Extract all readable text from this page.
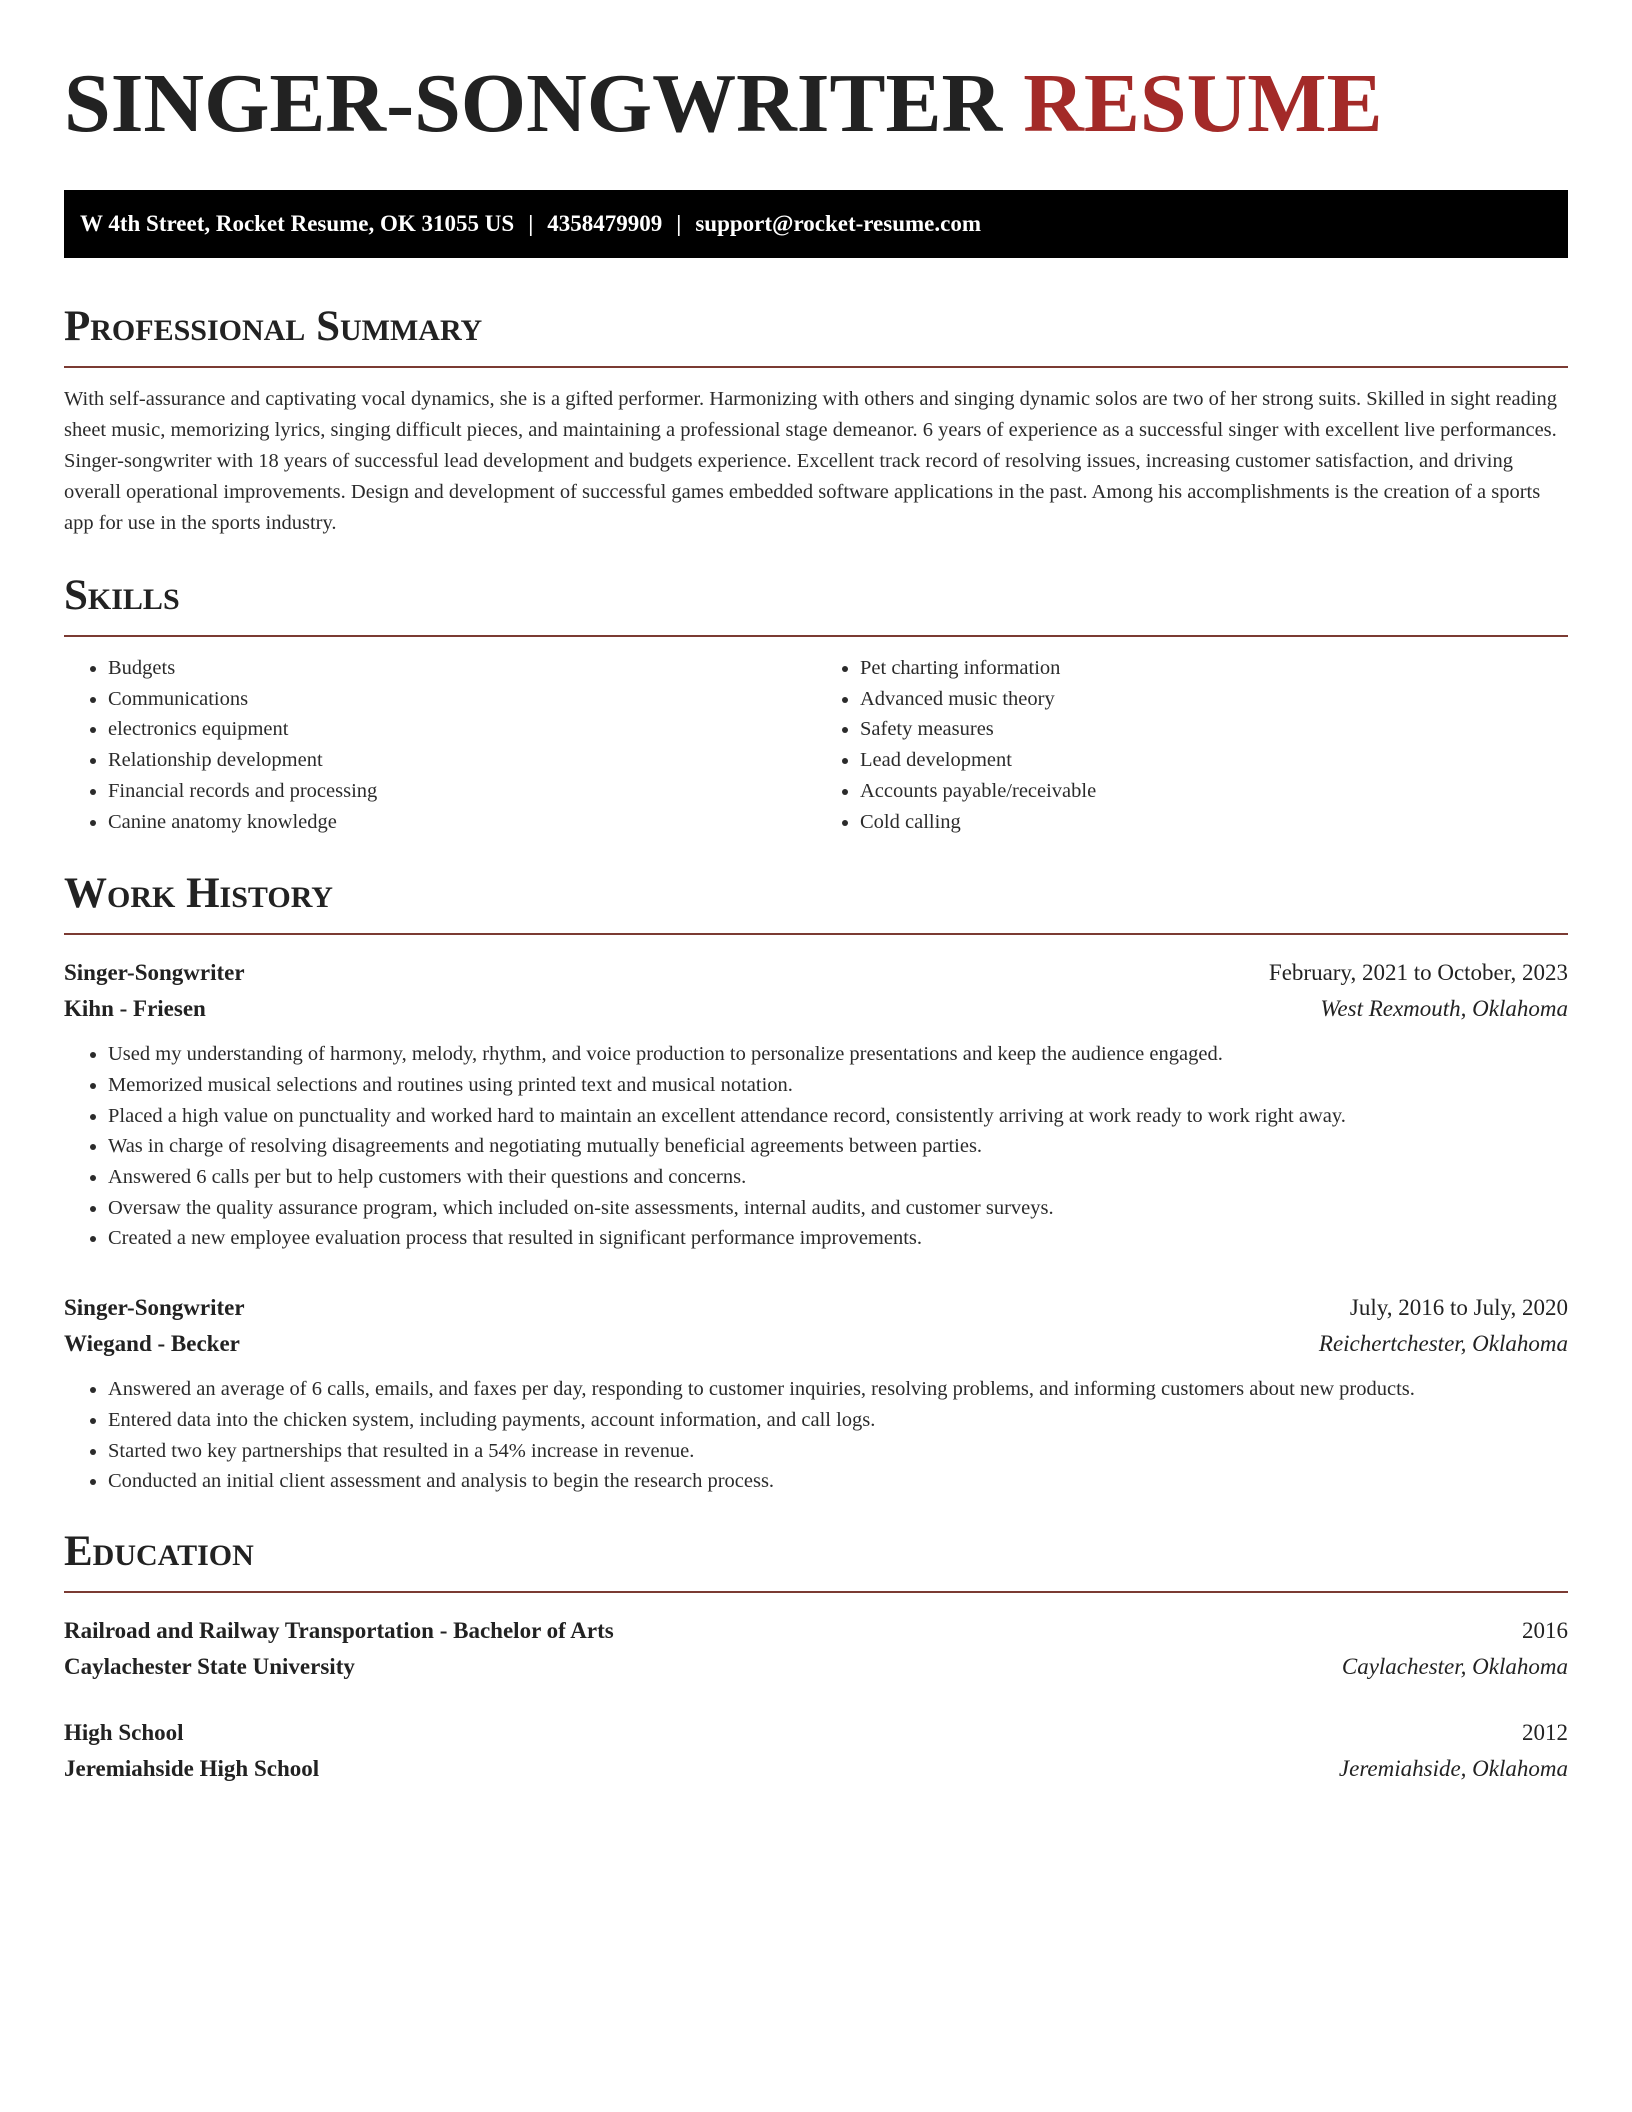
SINGER-SONGWRITER RESUME
W 4th Street, Rocket Resume, OK 31055 US | 4358479909 | support@rocket-resume.com
Professional Summary

With self-assurance and captivating vocal dynamics, she is a gifted performer. Harmonizing with others and singing dynamic solos are two of her strong suits. Skilled in sight reading sheet music, memorizing lyrics, singing difficult pieces, and maintaining a professional stage demeanor. 6 years of experience as a successful singer with excellent live performances. Singer-songwriter with 18 years of successful lead development and budgets experience. Excellent track record of resolving issues, increasing customer satisfaction, and driving overall operational improvements. Design and development of successful games embedded software applications in the past. Among his accomplishments is the creation of a sports app for use in the sports industry.

Skills
• Budgets
• Communications
• electronics equipment
• Relationship development
• Financial records and processing
• Canine anatomy knowledge
• Pet charting information
• Advanced music theory
• Safety measures
• Lead development
• Accounts payable/receivable
• Cold calling
Work History
Singer-Songwriter	February, 2021 to October, 2023
Kihn - Friesen	West Rexmouth, Oklahoma
• Used my understanding of harmony, melody, rhythm, and voice production to personalize presentations and keep the audience engaged.
• Memorized musical selections and routines using printed text and musical notation.
• Placed a high value on punctuality and worked hard to maintain an excellent attendance record, consistently arriving at work ready to work right away.
• Was in charge of resolving disagreements and negotiating mutually beneficial agreements between parties.
• Answered 6 calls per but to help customers with their questions and concerns.
• Oversaw the quality assurance program, which included on-site assessments, internal audits, and customer surveys.
• Created a new employee evaluation process that resulted in significant performance improvements.
Singer-Songwriter	July, 2016 to July, 2020
Wiegand - Becker	Reichertchester, Oklahoma
• Answered an average of 6 calls, emails, and faxes per day, responding to customer inquiries, resolving problems, and informing customers about new products.
• Entered data into the chicken system, including payments, account information, and call logs.
• Started two key partnerships that resulted in a 54% increase in revenue.
• Conducted an initial client assessment and analysis to begin the research process.
Education
Railroad and Railway Transportation - Bachelor of Arts	2016
Caylachester State University	Caylachester, Oklahoma
High School	2012
Jeremiahside High School	Jeremiahside, Oklahoma
